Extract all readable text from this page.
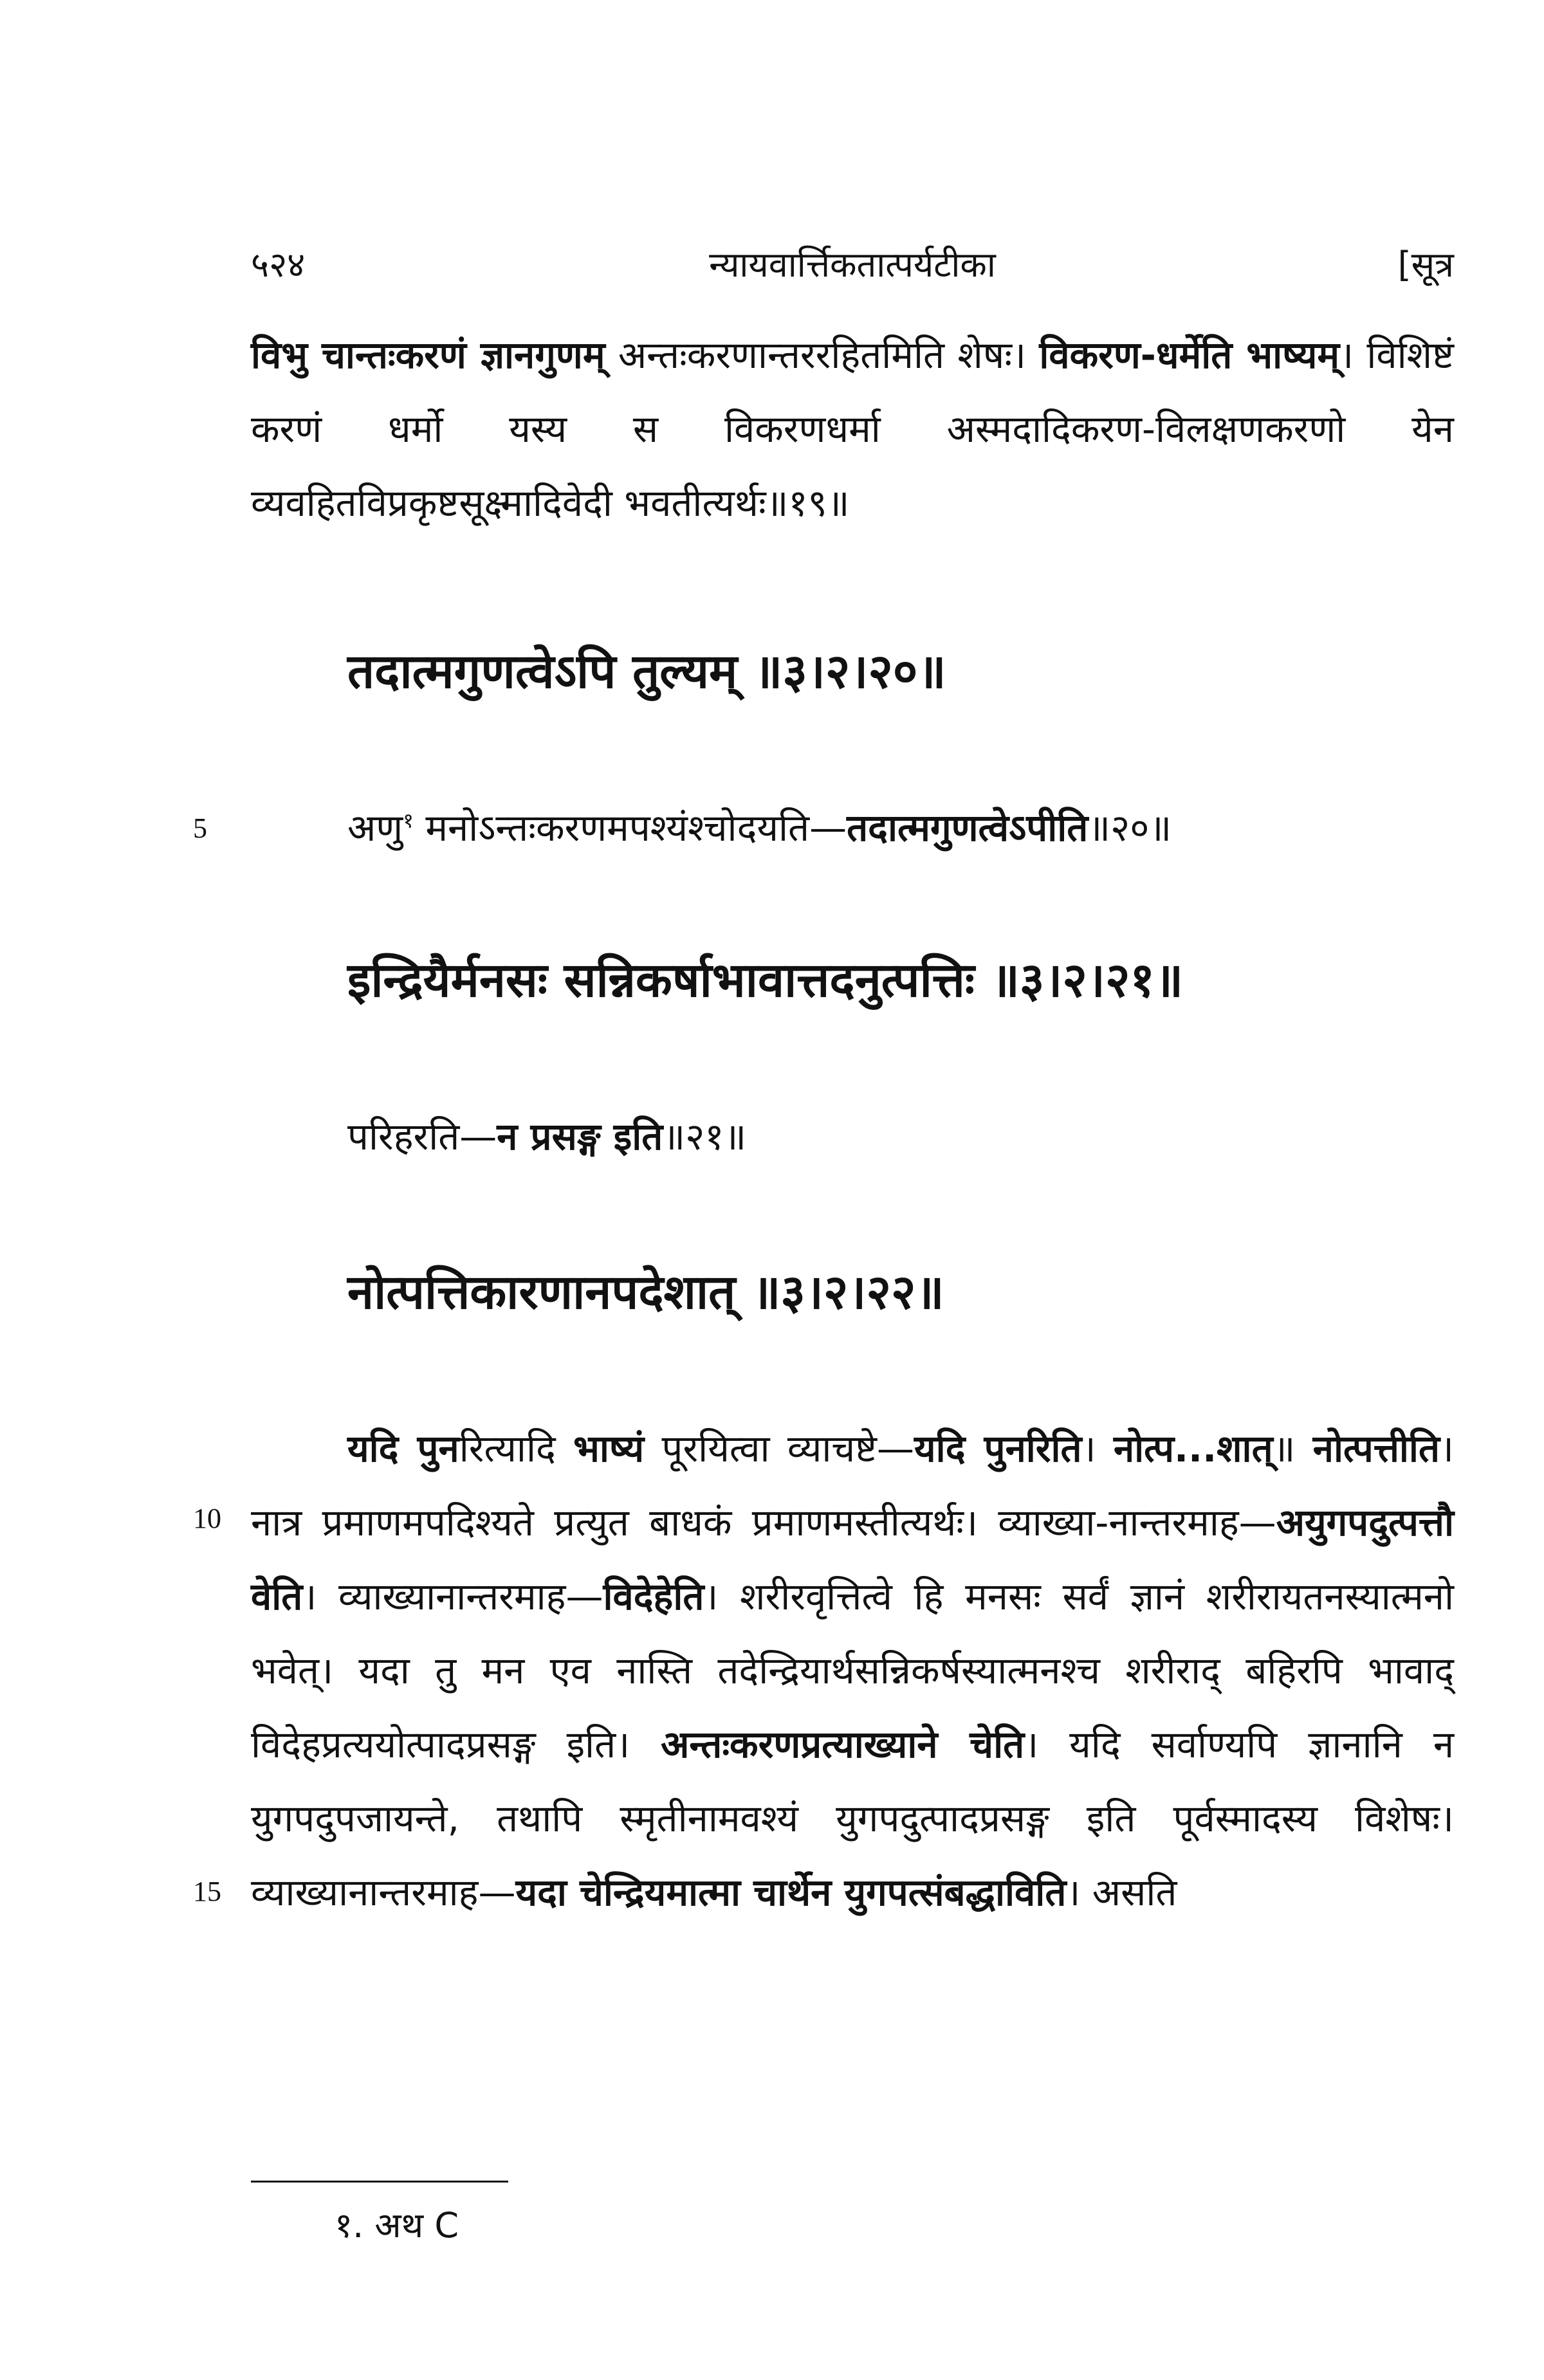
५२४	न्यायवार्त्तिकतात्पर्यटीका	[सूत्र

विभु चान्तःकरणं ज्ञानगुणम् अन्तःकरणान्तररहितमिति शेषः। विकरण-धर्मेति भाष्यम्। विशिष्टं करणं धर्मो यस्य स विकरणधर्मा अस्मदादिकरण-विलक्षणकरणो येन व्यवहितविप्रकृष्टसूक्ष्मादिवेदी भवतीत्यर्थः॥१९॥

तदात्मगुणत्वेऽपि तुल्यम् ॥३।२।२०॥

5	अणु$^१$ मनोऽन्तःकरणमपश्यंश्चोदयति—तदात्मगुणत्वेऽपीति॥२०॥

इन्द्रियैर्मनसः सन्निकर्षाभावात्तदनुत्पत्तिः ॥३।२।२१॥

परिहरति—न प्रसङ्ग इति॥२१॥

नोत्पत्तिकारणानपदेशात् ॥३।२।२२॥

10
15

यदि पुनरित्यादि भाष्यं पूरयित्वा व्याचष्टे—यदि पुनरिति। नोत्प...शात्॥ नोत्पत्तीति। नात्र प्रमाणमपदिश्यते प्रत्युत बाधकं प्रमाणमस्तीत्यर्थः। व्याख्या-नान्तरमाह—अयुगपदुत्पत्तौ वेति। व्याख्यानान्तरमाह—विदेहेति। शरीरवृत्तित्वे हि मनसः सर्वं ज्ञानं शरीरायतनस्यात्मनो भवेत्। यदा तु मन एव नास्ति तदेन्द्रियार्थसन्निकर्षस्यात्मनश्च शरीराद् बहिरपि भावाद् विदेहप्रत्ययोत्पादप्रसङ्ग इति। अन्तःकरणप्रत्याख्याने चेति। यदि सर्वाण्यपि ज्ञानानि न युगपदुपजायन्ते, तथापि स्मृतीनामवश्यं युगपदुत्पादप्रसङ्ग इति पूर्वस्मादस्य विशेषः। व्याख्यानान्तरमाह—यदा चेन्द्रियमात्मा चार्थेन युगपत्संबद्धाविति। असति

१. अथ C
